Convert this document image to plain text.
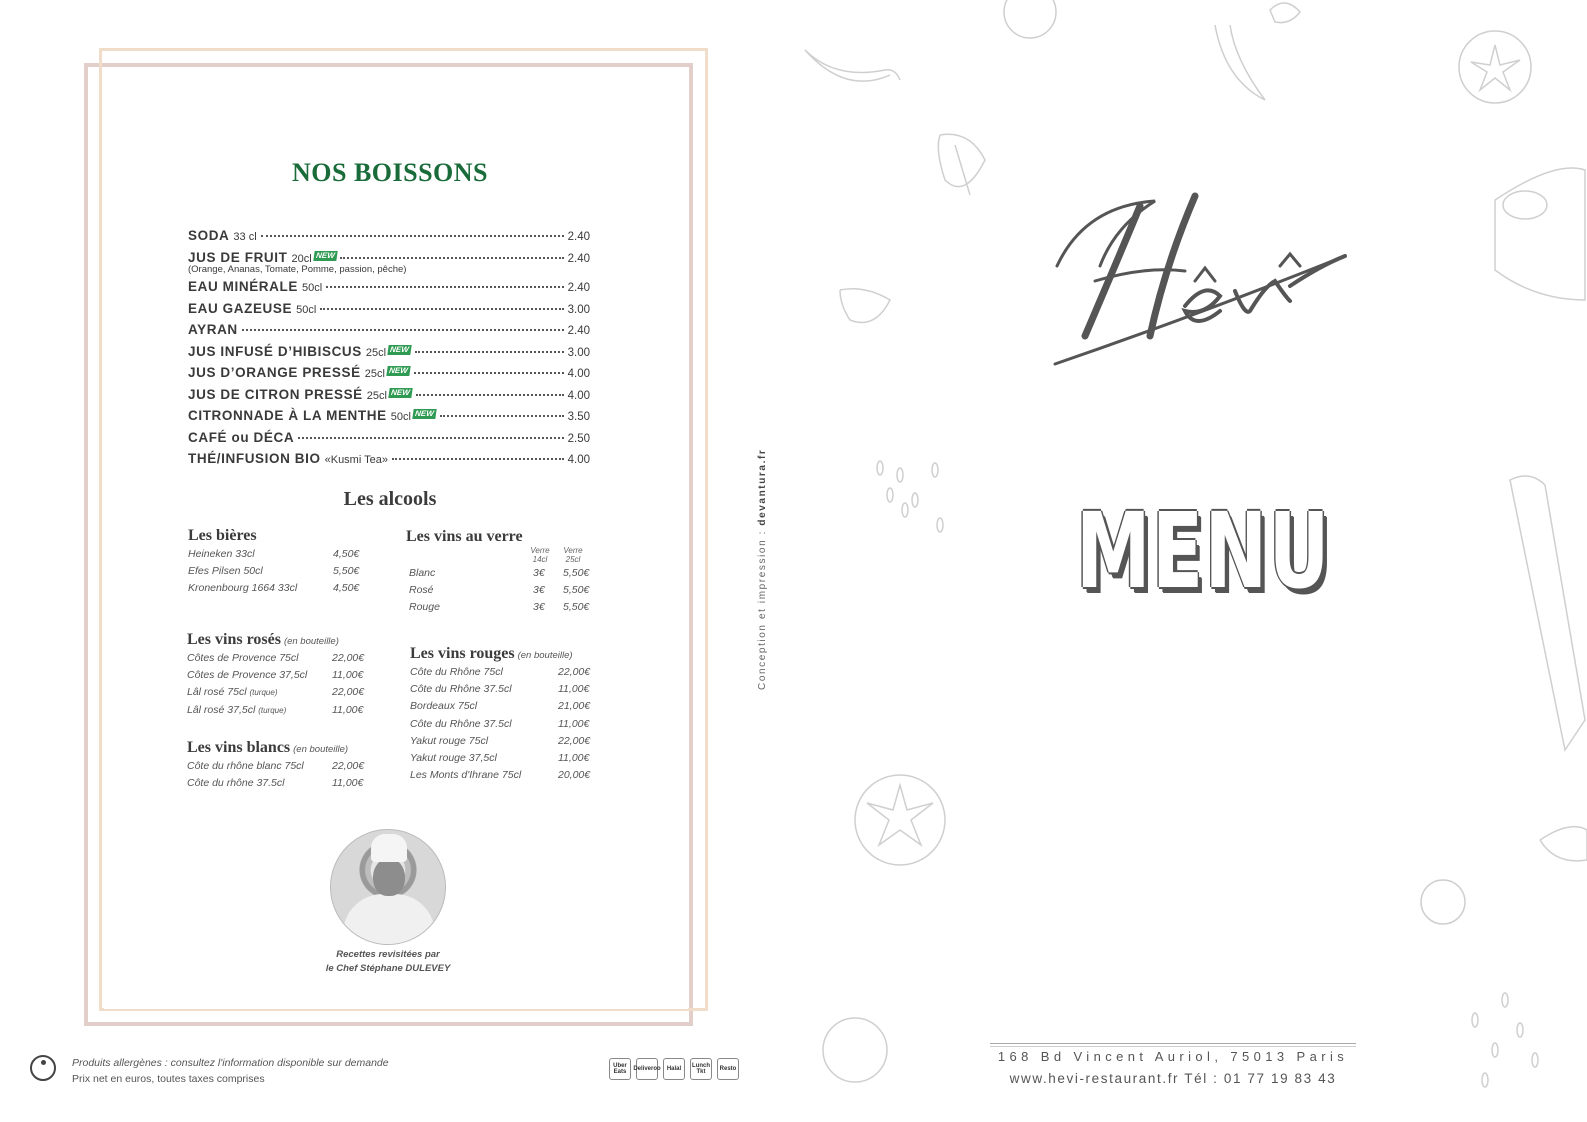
NOS BOISSONS
SODA 33 cl	2.40
JUS DE FRUIT 20cl NEW	2.40
(Orange, Ananas, Tomate, Pomme, passion, pêche)
EAU MINÉRALE 50cl	2.40
EAU GAZEUSE 50cl	3.00
AYRAN	2.40
JUS INFUSÉ D’HIBISCUS 25cl NEW	3.00
JUS D’ORANGE PRESSÉ 25cl NEW	4.00
JUS DE CITRON PRESSÉ 25cl NEW	4.00
CITRONNADE À LA MENTHE 50cl NEW	3.50
CAFÉ ou DÉCA	2.50
THÉ/INFUSION BIO «Kusmi Tea»	4.00
Les alcools
Les bières
Heineken 33cl	4,50€
Efes Pilsen 50cl	5,50€
Kronenbourg 1664 33cl	4,50€
Les vins au verre
Verre 14cl
Verre 25cl
Blanc	3€ 5,50€
Rosé	3€ 5,50€
Rouge	3€ 5,50€
Les vins rosés (en bouteille)
Côtes de Provence 75cl	22,00€
Côtes de Provence 37,5cl 11,00€
Lâl rosé 75cl (turque)	22,00€
Lâl rosé 37,5cl (turque)	11,00€
Les vins blancs (en bouteille)
Côte du rhône blanc 75cl	22,00€
Côte du rhône 37.5cl	11,00€
Les vins rouges (en bouteille)
Côte du Rhône 75cl	22,00€
Côte du Rhône 37.5cl	11,00€
Bordeaux 75cl	21,00€
Côte du Rhône 37.5cl	11,00€
Yakut rouge 75cl	22,00€
Yakut rouge 37,5cl	11,00€
Les Monts d'Ihrane 75cl	20,00€
Recettes revisitées par
le Chef Stéphane DULEVEY
Produits allergènes : consultez l'information disponible sur demande
Prix net en euros, toutes taxes comprises
Uber Eats	Deliveroo	Halal	Lunch Tkt	Resto
Conception et impression : devantura.fr
MENU
168 Bd Vincent Auriol, 75013 Paris
www.hevi-restaurant.fr Tél : 01 77 19 83 43
